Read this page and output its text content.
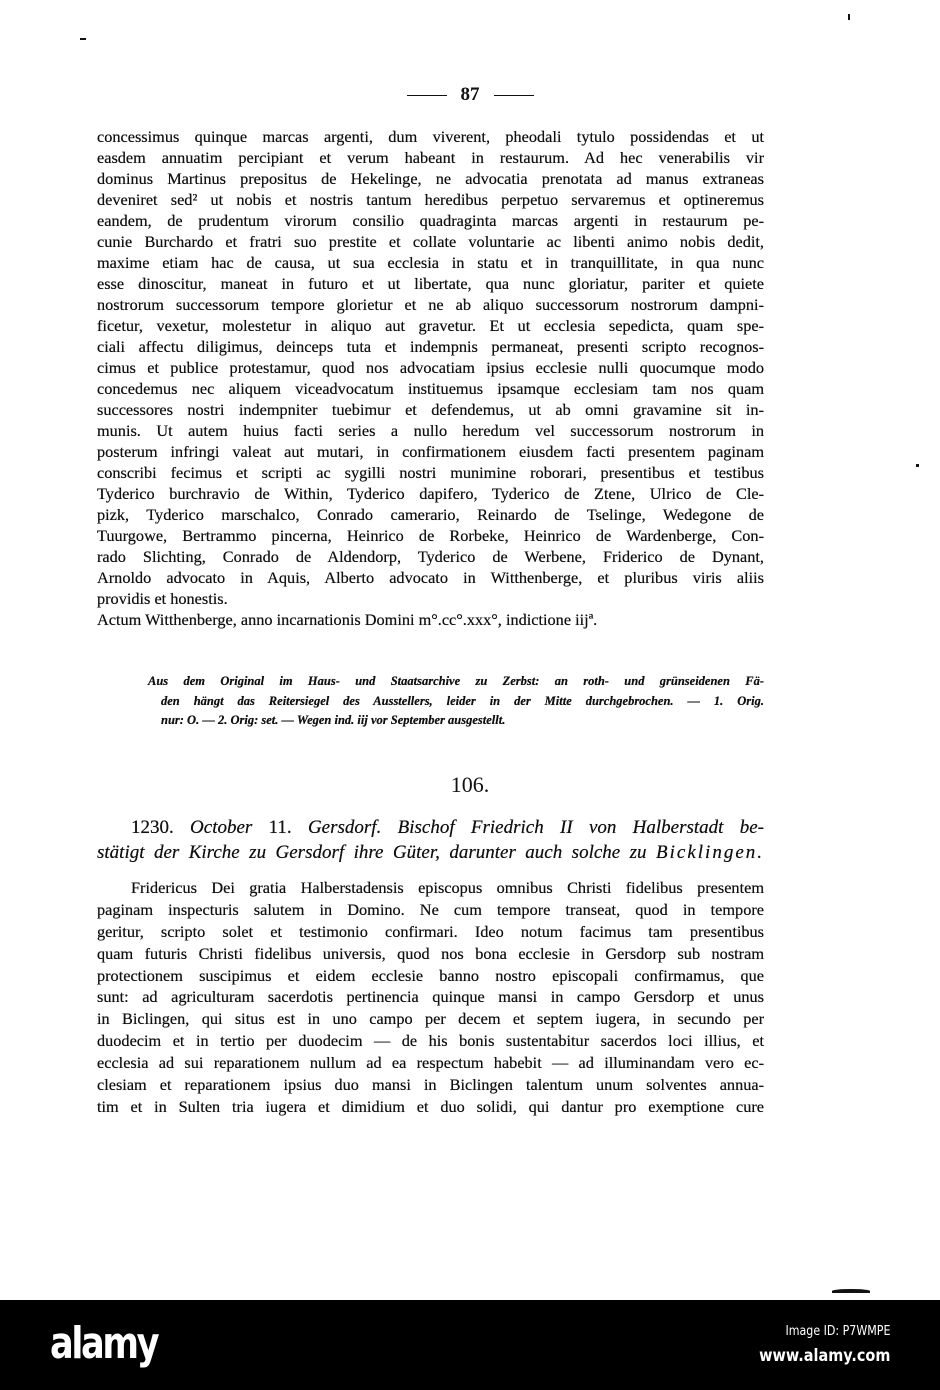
87
concessimus quinque marcas argenti, dum viverent, pheodali tytulo possidendas et ut
easdem annuatim percipiant et verum habeant in restaurum. Ad hec venerabilis vir
dominus Martinus prepositus de Hekelinge, ne advocatia prenotata ad manus extraneas
deveniret sed² ut nobis et nostris tantum heredibus perpetuo servaremus et optineremus
eandem, de prudentum virorum consilio quadraginta marcas argenti in restaurum pe-
cunie Burchardo et fratri suo prestite et collate voluntarie ac libenti animo nobis dedit,
maxime etiam hac de causa, ut sua ecclesia in statu et in tranquillitate, in qua nunc
esse dinoscitur, maneat in futuro et ut libertate, qua nunc gloriatur, pariter et quiete
nostrorum successorum tempore glorietur et ne ab aliquo successorum nostrorum dampni-
ficetur, vexetur, molestetur in aliquo aut gravetur. Et ut ecclesia sepedicta, quam spe-
ciali affectu diligimus, deinceps tuta et indempnis permaneat, presenti scripto recognos-
cimus et publice protestamur, quod nos advocatiam ipsius ecclesie nulli quocumque modo
concedemus nec aliquem viceadvocatum instituemus ipsamque ecclesiam tam nos quam
successores nostri indempniter tuebimur et defendemus, ut ab omni gravamine sit in-
munis. Ut autem huius facti series a nullo heredum vel successorum nostrorum in
posterum infringi valeat aut mutari, in confirmationem eiusdem facti presentem paginam
conscribi fecimus et scripti ac sygilli nostri munimine roborari, presentibus et testibus
Tyderico burchravio de Within, Tyderico dapifero, Tyderico de Ztene, Ulrico de Cle-
pizk, Tyderico marschalco, Conrado camerario, Reinardo de Tselinge, Wedegone de
Tuurgowe, Bertrammo pincerna, Heinrico de Rorbeke, Heinrico de Wardenberge, Con-
rado Slichting, Conrado de Aldendorp, Tyderico de Werbene, Friderico de Dynant,
Arnoldo advocato in Aquis, Alberto advocato in Witthenberge, et pluribus viris aliis
providis et honestis.
Actum Witthenberge, anno incarnationis Domini m°.cc°.xxx°, indictione iijª.
Aus dem Original im Haus- und Staatsarchive zu Zerbst: an roth- und grünseidenen Fä-
den hängt das Reitersiegel des Ausstellers, leider in der Mitte durchgebrochen. — 1. Orig.
nur: O. — 2. Orig: set. — Wegen ind. iij vor September ausgestellt.
106.
1230. October 11. Gersdorf. Bischof Friedrich II von Halberstadt be-
stätigt der Kirche zu Gersdorf ihre Güter, darunter auch solche zu Bicklingen.
Fridericus Dei gratia Halberstadensis episcopus omnibus Christi fidelibus presentem
paginam inspecturis salutem in Domino. Ne cum tempore transeat, quod in tempore
geritur, scripto solet et testimonio confirmari. Ideo notum facimus tam presentibus
quam futuris Christi fidelibus universis, quod nos bona ecclesie in Gersdorp sub nostram
protectionem suscipimus et eidem ecclesie banno nostro episcopali confirmamus, que
sunt: ad agriculturam sacerdotis pertinencia quinque mansi in campo Gersdorp et unus
in Biclingen, qui situs est in uno campo per decem et septem iugera, in secundo per
duodecim et in tertio per duodecim — de his bonis sustentabitur sacerdos loci illius, et
ecclesia ad sui reparationem nullum ad ea respectum habebit — ad illuminandam vero ec-
clesiam et reparationem ipsius duo mansi in Biclingen talentum unum solventes annua-
tim et in Sulten tria iugera et dimidium et duo solidi, qui dantur pro exemptione cure
alamy	Image ID: P7WMPE
www.alamy.com
